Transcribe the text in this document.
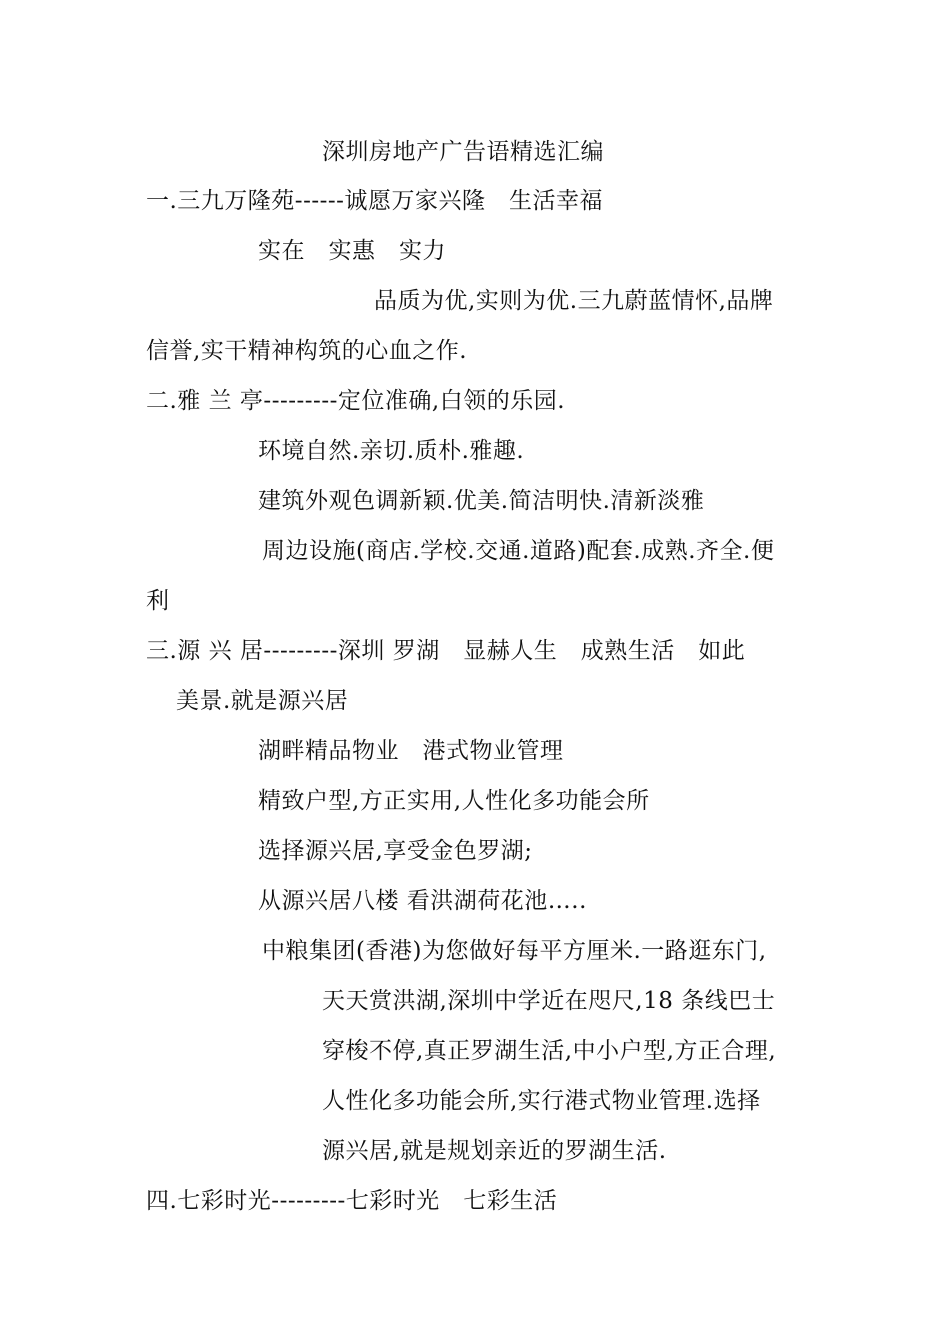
深圳房地产广告语精选汇编
一.三九万隆苑------诚愿万家兴隆　生活幸福
实在　实惠　实力
品质为优,实则为优.三九蔚蓝情怀,品牌
信誉,实干精神构筑的心血之作.
二.雅 兰 亭---------定位准确,白领的乐园.
环境自然.亲切.质朴.雅趣.
建筑外观色调新颖.优美.简洁明快.清新淡雅
周边设施(商店.学校.交通.道路)配套.成熟.齐全.便
利
三.源 兴 居---------深圳 罗湖　显赫人生　成熟生活　如此
美景.就是源兴居
湖畔精品物业　港式物业管理
精致户型,方正实用,人性化多功能会所
选择源兴居,享受金色罗湖;
从源兴居八楼 看洪湖荷花池…..
中粮集团(香港)为您做好每平方厘米.一路逛东门,
天天赏洪湖,深圳中学近在咫尺,18 条线巴士
穿梭不停,真正罗湖生活,中小户型,方正合理,
人性化多功能会所,实行港式物业管理.选择
源兴居,就是规划亲近的罗湖生活.
四.七彩时光---------七彩时光　七彩生活
